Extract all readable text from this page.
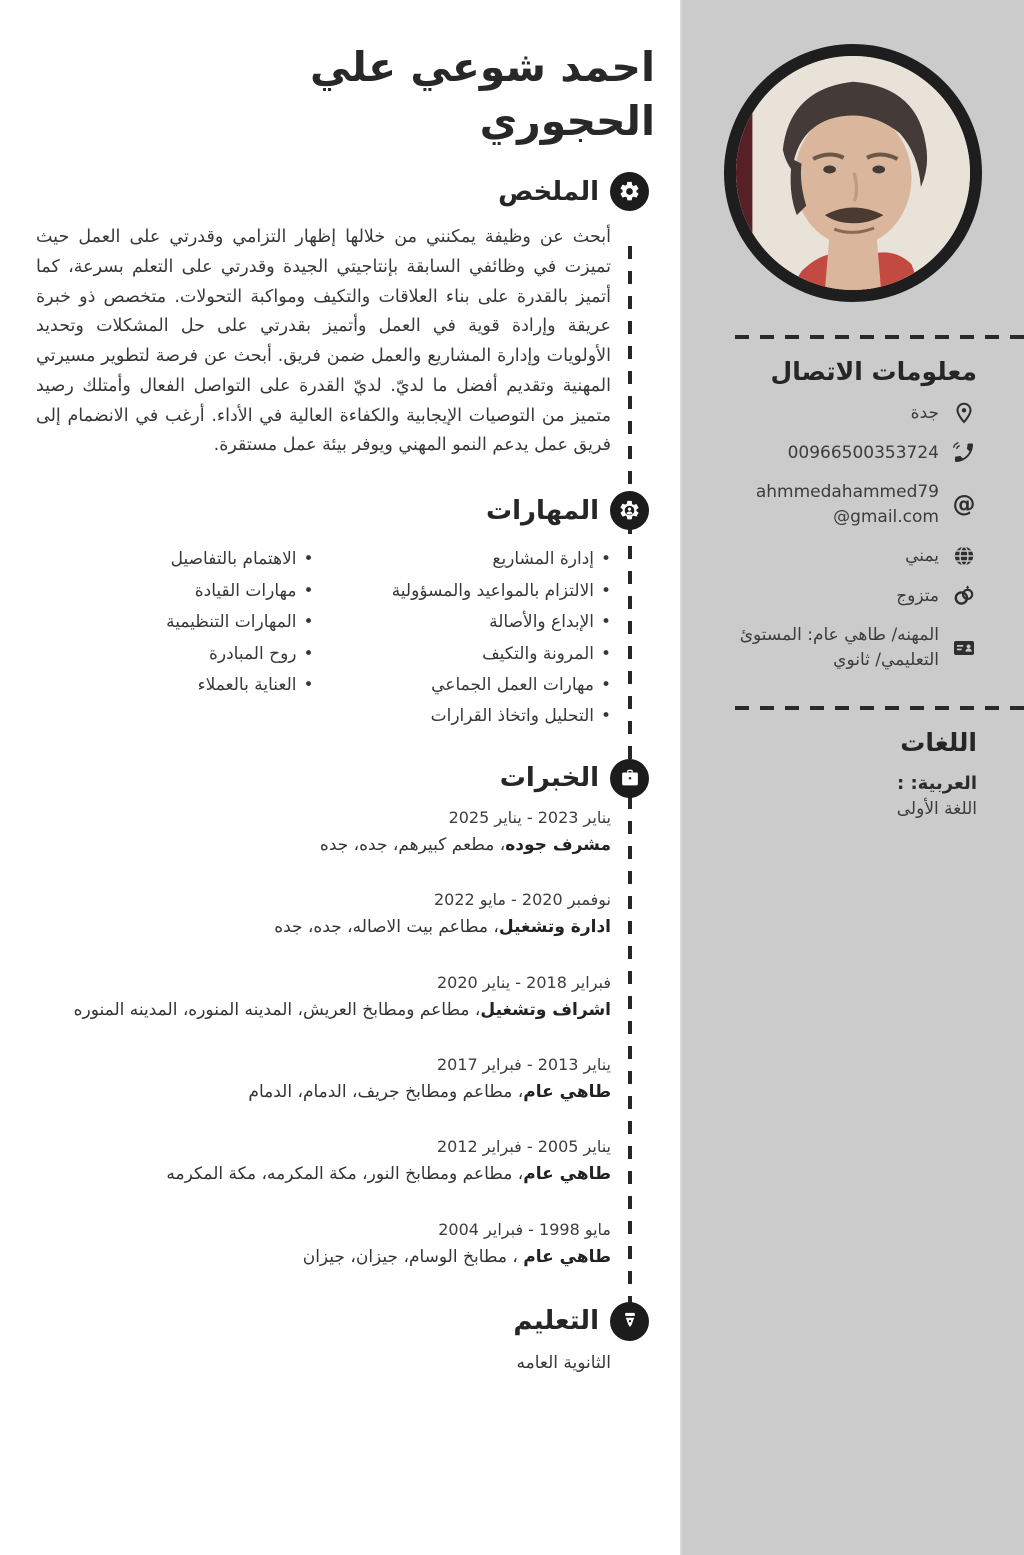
احمد شوعي علي الحجوري
الملخص

أبحث عن وظيفة يمكنني من خلالها إظهار التزامي وقدرتي على العمل حيث تميزت في وظائفي السابقة بإنتاجيتي الجيدة وقدرتي على التعلم بسرعة، كما أتميز بالقدرة على بناء العلاقات والتكيف ومواكبة التحولات. متخصص ذو خبرة عريقة وإرادة قوية في العمل وأتميز بقدرتي على حل المشكلات وتحديد الأولويات وإدارة المشاريع والعمل ضمن فريق. أبحث عن فرصة لتطوير مسيرتي المهنية وتقديم أفضل ما لديّ. لديّ القدرة على التواصل الفعال وأمتلك رصيد متميز من التوصيات الإيجابية والكفاءة العالية في الأداء. أرغب في الانضمام إلى فريق عمل يدعم النمو المهني ويوفر بيئة عمل مستقرة.

المهارات
• إدارة المشاريع
• الالتزام بالمواعيد والمسؤولية
• الإبداع والأصالة
• المرونة والتكيف
• مهارات العمل الجماعي
• التحليل واتخاذ القرارات
• الاهتمام بالتفاصيل
• مهارات القيادة
• المهارات التنظيمية
• روح المبادرة
• العناية بالعملاء
الخبرات
يناير 2023 - يناير 2025
مشرف جوده، مطعم كبيرهم، جده، جده
نوفمبر 2020 - مايو 2022
ادارة وتشغيل، مطاعم بيت الاصاله، جده، جده
فبراير 2018 - يناير 2020
اشراف وتشغيل، مطاعم ومطابخ العريش، المدينه المنوره، المدينه المنوره
يناير 2013 - فبراير 2017
طاهي عام، مطاعم ومطابخ جريف، الدمام، الدمام
يناير 2005 - فبراير 2012
طاهي عام، مطاعم ومطابخ النور، مكة المكرمه، مكة المكرمه
مايو 1998 - فبراير 2004
طاهي عام ، مطابخ الوسام، جيزان، جيزان
التعليم

الثانوية العامه

معلومات الاتصال
جدة
00966500353724
@
ahmmedahammed79@gmail.com
يمني
متزوج
المهنه/ طاهي عام: المستوئ التعليمي/ ثانوي
اللغات
العربية: :
اللغة الأولى
